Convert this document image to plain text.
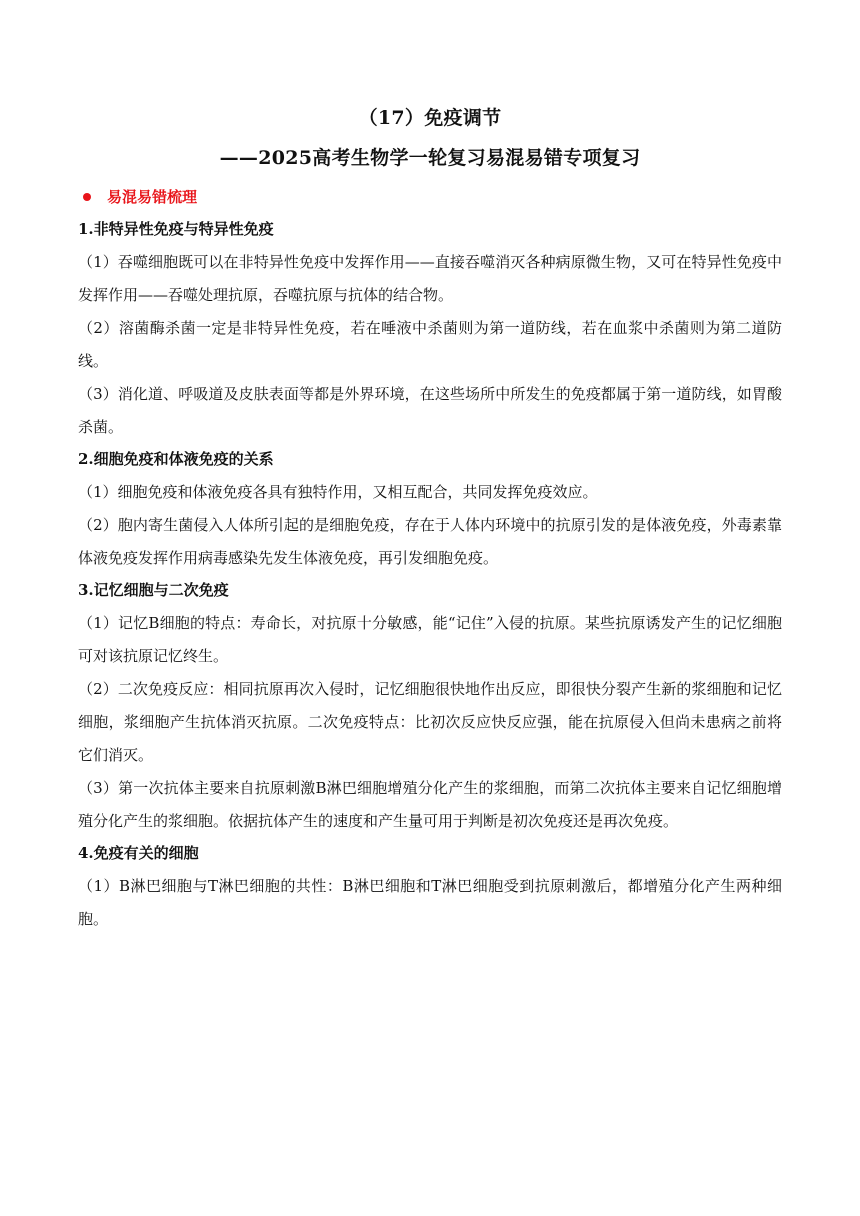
（17）免疫调节
——2025高考生物学一轮复习易混易错专项复习
易混易错梳理
1.非特异性免疫与特异性免疫

（1）吞噬细胞既可以在非特异性免疫中发挥作用——直接吞噬消灭各种病原微生物，又可在特异性免疫中发挥作用——吞噬处理抗原，吞噬抗原与抗体的结合物。

（2）溶菌酶杀菌一定是非特异性免疫，若在唾液中杀菌则为第一道防线，若在血浆中杀菌则为第二道防线。

（3）消化道、呼吸道及皮肤表面等都是外界环境，在这些场所中所发生的免疫都属于第一道防线，如胃酸杀菌。

2.细胞免疫和体液免疫的关系

（1）细胞免疫和体液免疫各具有独特作用，又相互配合，共同发挥免疫效应。

（2）胞内寄生菌侵入人体所引起的是细胞免疫，存在于人体内环境中的抗原引发的是体液免疫，外毒素靠体液免疫发挥作用病毒感染先发生体液免疫，再引发细胞免疫。

3.记忆细胞与二次免疫

（1）记忆B细胞的特点：寿命长，对抗原十分敏感，能“记住”入侵的抗原。某些抗原诱发产生的记忆细胞可对该抗原记忆终生。

（2）二次免疫反应：相同抗原再次入侵时，记忆细胞很快地作出反应，即很快分裂产生新的浆细胞和记忆细胞，浆细胞产生抗体消灭抗原。二次免疫特点：比初次反应快反应强，能在抗原侵入但尚未患病之前将它们消灭。

（3）第一次抗体主要来自抗原刺激B淋巴细胞增殖分化产生的浆细胞，而第二次抗体主要来自记忆细胞增殖分化产生的浆细胞。依据抗体产生的速度和产生量可用于判断是初次免疫还是再次免疫。

4.免疫有关的细胞

（1）B淋巴细胞与T淋巴细胞的共性：B淋巴细胞和T淋巴细胞受到抗原刺激后，都增殖分化产生两种细胞。
